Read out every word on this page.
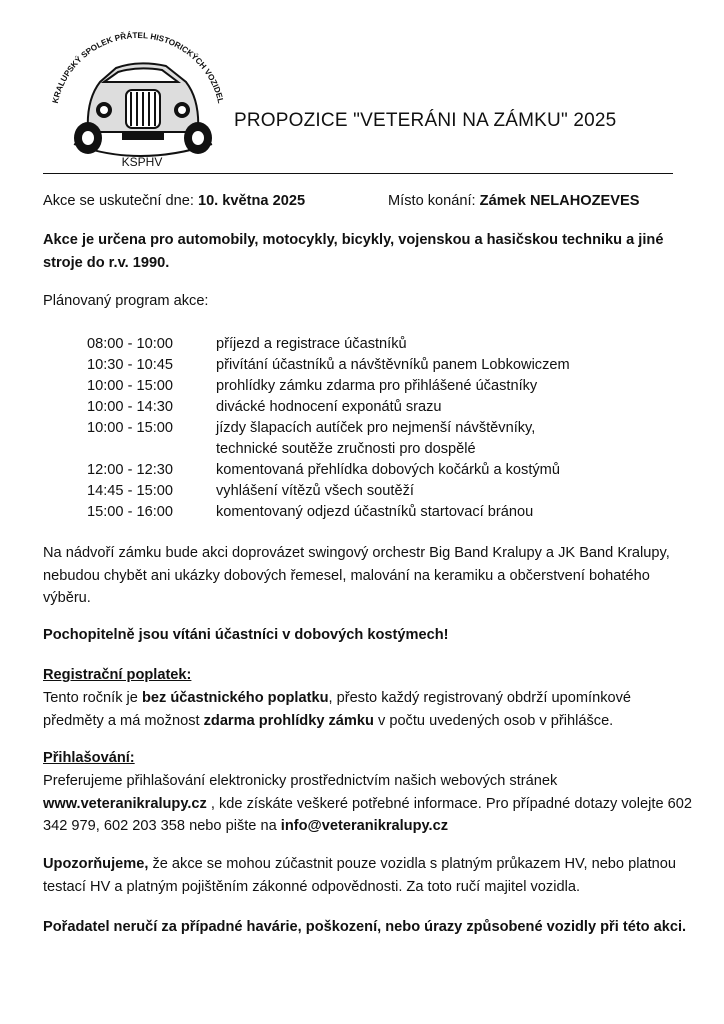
KRALUPSKÝ SPOLEK PŘÁTEL HISTORICKÝCH VOZIDEL
KSPHV
PROPOZICE "VETERÁNI NA ZÁMKU" 2025
Akce se uskuteční dne: 10. května 2025	Místo konání: Zámek NELAHOZEVES
Akce je určena pro automobily, motocykly, bicykly, vojenskou a hasičskou techniku a jiné stroje do r.v. 1990.
Plánovaný program akce:
08:00 - 10:00	příjezd a registrace účastníků
10:30 - 10:45	přivítání účastníků a návštěvníků panem Lobkowiczem
10:00 - 15:00	prohlídky zámku zdarma pro přihlášené účastníky
10:00 - 14:30	divácké hodnocení exponátů srazu
10:00 - 15:00	jízdy šlapacích autíček pro nejmenší návštěvníky,
technické soutěže zručnosti pro dospělé
12:00 - 12:30	komentovaná přehlídka dobových kočárků a kostýmů
14:45 - 15:00	vyhlášení vítězů všech soutěží
15:00 - 16:00	komentovaný odjezd účastníků startovací bránou
Na nádvoří zámku bude akci doprovázet swingový orchestr Big Band Kralupy a JK Band Kralupy, nebudou chybět ani ukázky dobových řemesel, malování na keramiku a občerstvení bohatého výběru.
Pochopitelně jsou vítáni účastníci v dobových kostýmech!
Registrační poplatek:
Tento ročník je bez účastnického poplatku, přesto každý registrovaný obdrží upomínkové předměty a má možnost zdarma prohlídky zámku v počtu uvedených osob v přihlášce.
Přihlašování:
Preferujeme přihlašování elektronicky prostřednictvím našich webových stránek
www.veteranikralupy.cz , kde získáte veškeré potřebné informace. Pro případné dotazy volejte 602 342 979, 602 203 358 nebo pište na info@veteranikralupy.cz
Upozorňujeme, že akce se mohou zúčastnit pouze vozidla s platným průkazem HV, nebo platnou testací HV a platným pojištěním zákonné odpovědnosti. Za toto ručí majitel vozidla.
Pořadatel neručí za případné havárie, poškození, nebo úrazy způsobené vozidly při této akci.
